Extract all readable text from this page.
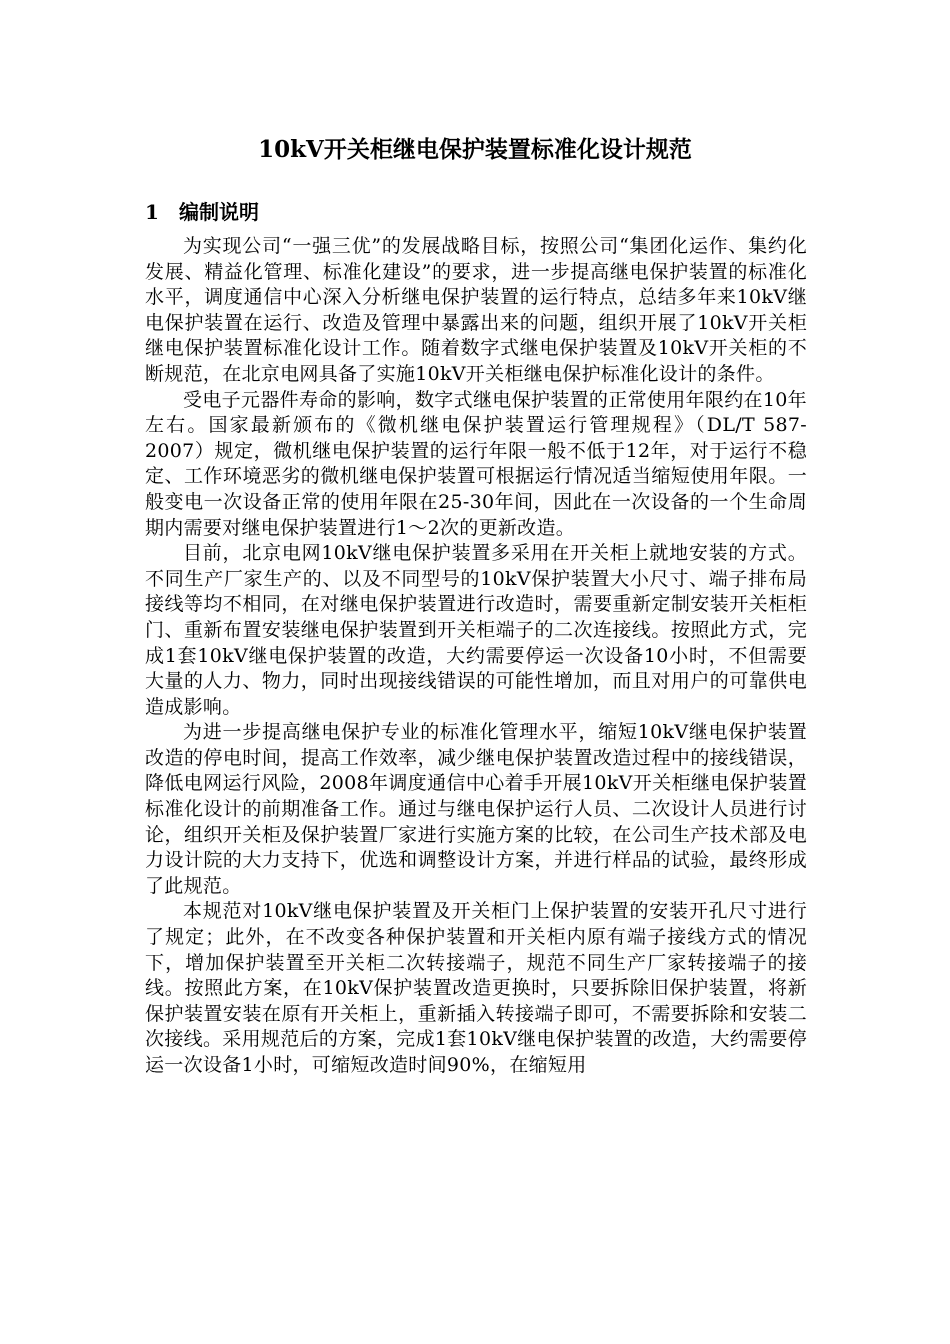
10kV开关柜继电保护装置标准化设计规范
1 编制说明

为实现公司“一强三优”的发展战略目标，按照公司“集团化运作、集约化发展、精益化管理、标准化建设”的要求，进一步提高继电保护装置的标准化水平，调度通信中心深入分析继电保护装置的运行特点，总结多年来10kV继电保护装置在运行、改造及管理中暴露出来的问题，组织开展了10kV开关柜继电保护装置标准化设计工作。随着数字式继电保护装置及10kV开关柜的不断规范，在北京电网具备了实施10kV开关柜继电保护标准化设计的条件。

受电子元器件寿命的影响，数字式继电保护装置的正常使用年限约在10年左右。国家最新颁布的《微机继电保护装置运行管理规程》（DL/T 587-2007）规定，微机继电保护装置的运行年限一般不低于12年，对于运行不稳定、工作环境恶劣的微机继电保护装置可根据运行情况适当缩短使用年限。一般变电一次设备正常的使用年限在25-30年间，因此在一次设备的一个生命周期内需要对继电保护装置进行1～2次的更新改造。

目前，北京电网10kV继电保护装置多采用在开关柜上就地安装的方式。不同生产厂家生产的、以及不同型号的10kV保护装置大小尺寸、端子排布局接线等均不相同，在对继电保护装置进行改造时，需要重新定制安装开关柜柜门、重新布置安装继电保护装置到开关柜端子的二次连接线。按照此方式，完成1套10kV继电保护装置的改造，大约需要停运一次设备10小时，不但需要大量的人力、物力，同时出现接线错误的可能性增加，而且对用户的可靠供电造成影响。

为进一步提高继电保护专业的标准化管理水平，缩短10kV继电保护装置改造的停电时间，提高工作效率，减少继电保护装置改造过程中的接线错误，降低电网运行风险，2008年调度通信中心着手开展10kV开关柜继电保护装置标准化设计的前期准备工作。通过与继电保护运行人员、二次设计人员进行讨论，组织开关柜及保护装置厂家进行实施方案的比较，在公司生产技术部及电力设计院的大力支持下，优选和调整设计方案，并进行样品的试验，最终形成了此规范。

本规范对10kV继电保护装置及开关柜门上保护装置的安装开孔尺寸进行了规定；此外，在不改变各种保护装置和开关柜内原有端子接线方式的情况下，增加保护装置至开关柜二次转接端子，规范不同生产厂家转接端子的接线。按照此方案，在10kV保护装置改造更换时，只要拆除旧保护装置，将新保护装置安装在原有开关柜上，重新插入转接端子即可，不需要拆除和安装二次接线。采用规范后的方案，完成1套10kV继电保护装置的改造，大约需要停运一次设备1小时，可缩短改造时间90%，在缩短用
